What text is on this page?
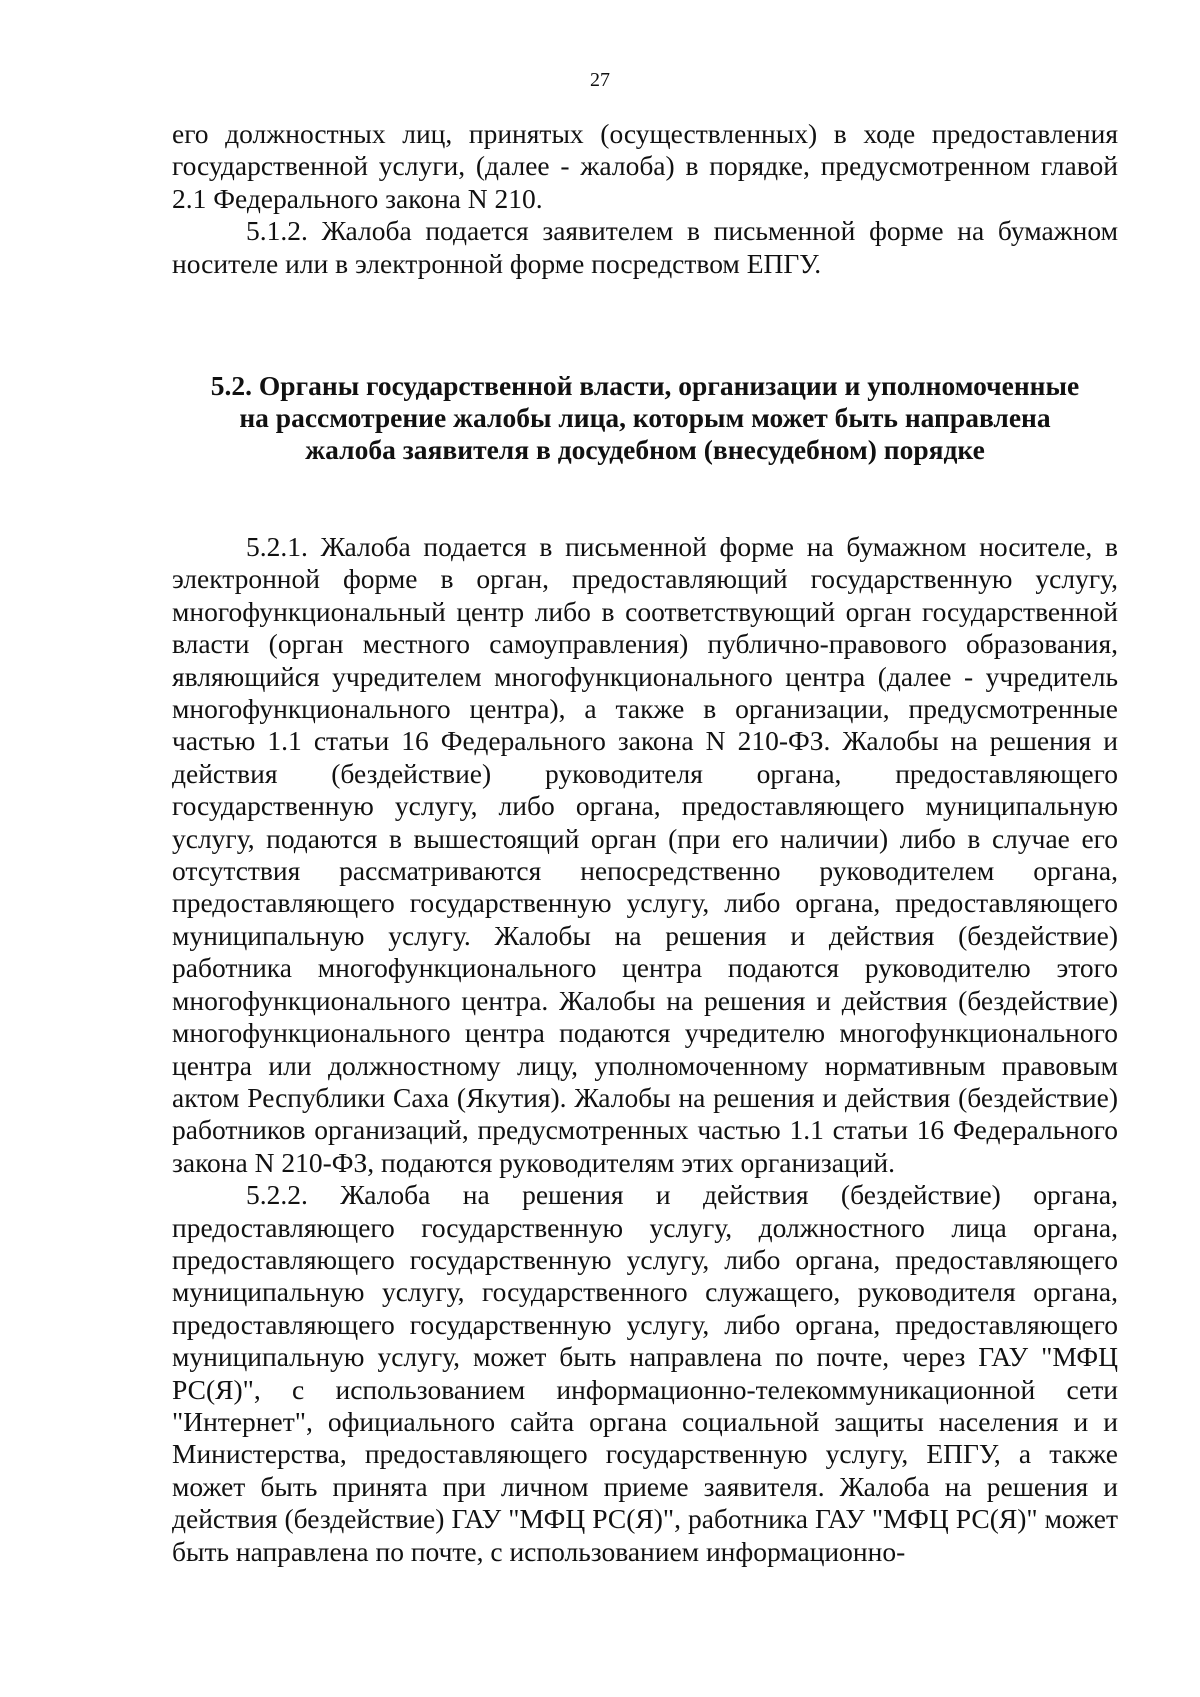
27

его должностных лиц, принятых (осуществленных) в ходе предоставления государственной услуги, (далее - жалоба) в порядке, предусмотренном главой 2.1 Федерального закона N 210.

5.1.2. Жалоба подается заявителем в письменной форме на бумажном носителе или в электронной форме посредством ЕПГУ.

5.2. Органы государственной власти, организации и уполномоченные
на рассмотрение жалобы лица, которым может быть направлена
жалоба заявителя в досудебном (внесудебном) порядке

5.2.1. Жалоба подается в письменной форме на бумажном носителе, в электронной форме в орган, предоставляющий государственную услугу, многофункциональный центр либо в соответствующий орган государственной власти (орган местного самоуправления) публично-правового образования, являющийся учредителем многофункционального центра (далее - учредитель многофункционального центра), а также в организации, предусмотренные частью 1.1 статьи 16 Федерального закона N 210-ФЗ. Жалобы на решения и действия (бездействие) руководителя органа, предоставляющего государственную услугу, либо органа, предоставляющего муниципальную услугу, подаются в вышестоящий орган (при его наличии) либо в случае его отсутствия рассматриваются непосредственно руководителем органа, предоставляющего государственную услугу, либо органа, предоставляющего муниципальную услугу. Жалобы на решения и действия (бездействие) работника многофункционального центра подаются руководителю этого многофункционального центра. Жалобы на решения и действия (бездействие) многофункционального центра подаются учредителю многофункционального центра или должностному лицу, уполномоченному нормативным правовым актом Республики Саха (Якутия). Жалобы на решения и действия (бездействие) работников организаций, предусмотренных частью 1.1 статьи 16 Федерального закона N 210-ФЗ, подаются руководителям этих организаций.

5.2.2. Жалоба на решения и действия (бездействие) органа, предоставляющего государственную услугу, должностного лица органа, предоставляющего государственную услугу, либо органа, предоставляющего муниципальную услугу, государственного служащего, руководителя органа, предоставляющего государственную услугу, либо органа, предоставляющего муниципальную услугу, может быть направлена по почте, через ГАУ "МФЦ РС(Я)", с использованием информационно-телекоммуникационной сети "Интернет", официального сайта органа социальной защиты населения и и Министерства, предоставляющего государственную услугу, ЕПГУ, а также может быть принята при личном приеме заявителя. Жалоба на решения и действия (бездействие) ГАУ "МФЦ РС(Я)", работника ГАУ "МФЦ РС(Я)" может быть направлена по почте, с использованием информационно-
